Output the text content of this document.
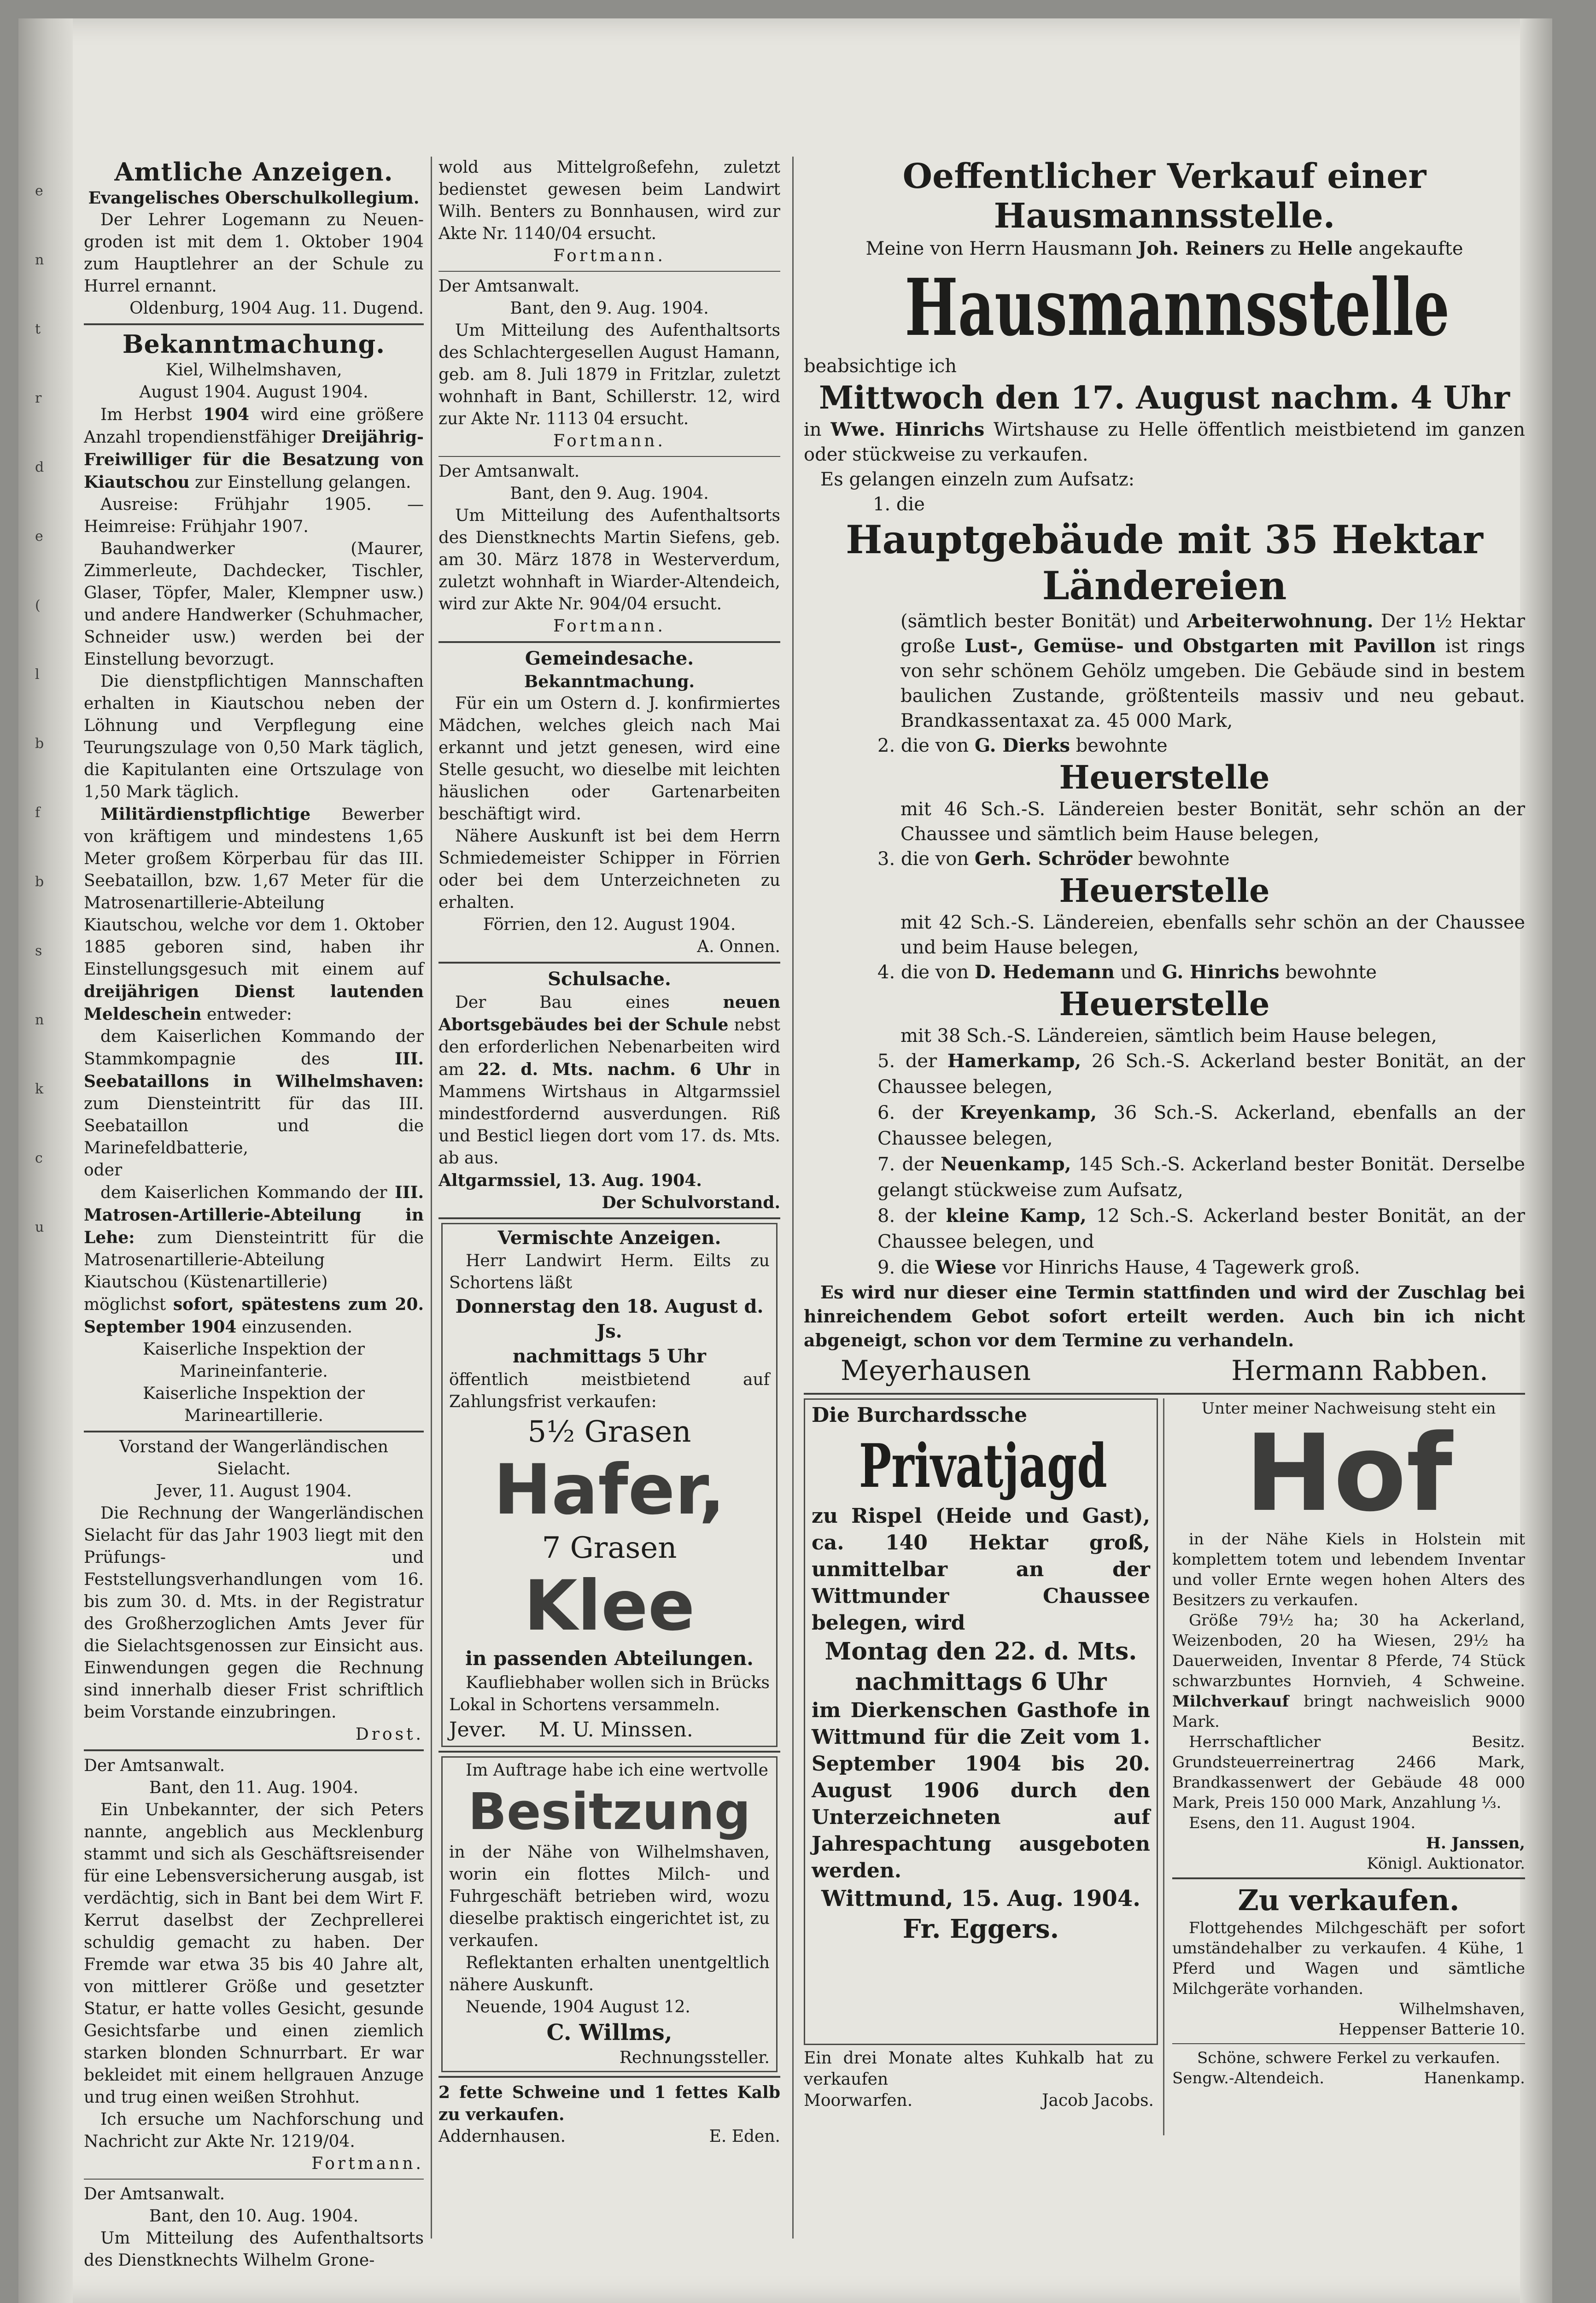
e
n
t
r
d
e
(
l
b
f
b
s
n
k
c
u

Amtliche Anzeigen.

Evangelisches Oberschulkollegium.

Der Lehrer Logemann zu Neuen-groden ist mit dem 1. Oktober 1904 zum Hauptlehrer an der Schule zu Hurrel ernannt.

Oldenburg, 1904 Aug. 11. Dugend.

Bekanntmachung.

Kiel, Wilhelmshaven,

August 1904. August 1904.

Im Herbst 1904 wird eine größere Anzahl tropendienstfähiger Dreijährig-Freiwilliger für die Besatzung von Kiautschou zur Einstellung gelangen.

Ausreise: Frühjahr 1905. — Heimreise: Frühjahr 1907.

Bauhandwerker (Maurer, Zimmerleute, Dachdecker, Tischler, Glaser, Töpfer, Maler, Klempner usw.) und andere Handwerker (Schuhmacher, Schneider usw.) werden bei der Einstellung bevorzugt.

Die dienstpflichtigen Mannschaften erhalten in Kiautschou neben der Löhnung und Verpflegung eine Teurungszulage von 0,50 Mark täglich, die Kapitulanten eine Ortszulage von 1,50 Mark täglich.

Militärdienstpflichtige Bewerber von kräftigem und mindestens 1,65 Meter großem Körperbau für das III. Seebataillon, bzw. 1,67 Meter für die Matrosenartillerie-Abteilung Kiautschou, welche vor dem 1. Oktober 1885 geboren sind, haben ihr Einstellungsgesuch mit einem auf dreijährigen Dienst lautenden Meldeschein entweder:

dem Kaiserlichen Kommando der Stammkompagnie des	III. Seebataillons in Wilhelmshaven: zum Diensteintritt für das III. Seebataillon und die Marinefeldbatterie,

oder

dem Kaiserlichen Kommando der III. Matrosen-Artillerie-Abteilung in Lehe: zum Diensteintritt für die Matrosenartillerie-Abteilung Kiautschou (Küstenartillerie)

möglichst sofort, spätestens zum 20. September 1904 einzusenden.

Kaiserliche Inspektion der

Marineinfanterie.

Kaiserliche Inspektion der

Marineartillerie.

Vorstand der Wangerländischen

Sielacht.

Jever, 11. August 1904.

Die Rechnung der Wangerländischen Sielacht für das Jahr 1903 liegt mit den Prüfungs- und Feststellungsverhandlungen vom 16. bis zum 30. d. Mts. in der Registratur des Großherzoglichen Amts Jever für die Sielachtsgenossen zur Einsicht aus. Einwendungen gegen die Rechnung sind innerhalb dieser Frist schriftlich beim Vorstande einzubringen.

Drost.

Der Amtsanwalt.

Bant, den 11. Aug. 1904.

Ein Unbekannter, der sich Peters nannte, angeblich aus Mecklenburg stammt und sich als Geschäftsreisender für eine Lebensversicherung ausgab, ist verdächtig, sich in Bant bei dem Wirt F. Kerrut daselbst der Zechprellerei schuldig gemacht zu haben. Der Fremde war etwa 35 bis 40 Jahre alt, von mittlerer Größe und gesetzter Statur, er hatte volles Gesicht, gesunde Gesichtsfarbe und einen ziemlich starken blonden Schnurrbart. Er war bekleidet mit einem hellgrauen Anzuge und trug einen weißen Strohhut.

Ich ersuche um Nachforschung und Nachricht zur Akte Nr. 1219/04.

Fortmann.

Der Amtsanwalt.

Bant, den 10. Aug. 1904.

Um Mitteilung des Aufenthaltsorts des Dienstknechts Wilhelm Grone-

wold aus Mittelgroßefehn, zuletzt bedienstet gewesen beim Landwirt Wilh. Benters zu Bonnhausen, wird zur Akte Nr. 1140/04 ersucht.

Fortmann.

Der Amtsanwalt.

Bant, den 9. Aug. 1904.

Um Mitteilung des Aufenthaltsorts des Schlachtergesellen August Hamann, geb. am 8. Juli 1879 in Fritzlar, zuletzt wohnhaft in Bant, Schillerstr. 12, wird zur Akte Nr. 1113 04 ersucht.

Fortmann.

Der Amtsanwalt.

Bant, den 9. Aug. 1904.

Um Mitteilung des Aufenthaltsorts des Dienstknechts Martin Siefens, geb. am 30. März 1878 in Westerverdum, zuletzt wohnhaft in Wiarder-Altendeich, wird zur Akte Nr. 904/04 ersucht.

Fortmann.

Gemeindesache.

Bekanntmachung.

Für ein um Ostern d. J. konfirmiertes Mädchen, welches gleich nach Mai erkannt und jetzt genesen, wird eine Stelle gesucht, wo dieselbe mit leichten häuslichen oder Gartenarbeiten beschäftigt wird.

Nähere Auskunft ist bei dem Herrn Schmiedemeister Schipper in Förrien oder bei dem Unterzeichneten zu erhalten.

Förrien, den 12. August 1904.

A. Onnen.

Schulsache.

Der Bau eines	neuen Abortsgebäudes bei der Schule nebst den erforderlichen Nebenarbeiten wird am 22. d. Mts. nachm. 6 Uhr in Mammens Wirtshaus in Altgarmssiel mindestfordernd ausverdungen. Riß und Besticl liegen dort vom 17. ds. Mts. ab aus.

Altgarmssiel, 13. Aug. 1904.

Der Schulvorstand.

Vermischte Anzeigen.

Herr Landwirt Herm. Eilts zu Schortens läßt

Donnerstag den 18. August d. Js.

nachmittags 5 Uhr

öffentlich meistbietend auf Zahlungsfrist verkaufen:

5½ Grasen

Hafer,

7 Grasen

Klee

in passenden Abteilungen.

Kaufliebhaber wollen sich in Brücks Lokal in Schortens versammeln.

Jever. M. U. Minssen.

Im Auftrage habe ich eine wertvolle

Besitzung

in der Nähe von Wilhelmshaven, worin ein flottes Milch- und Fuhrgeschäft betrieben wird, wozu dieselbe praktisch eingerichtet ist, zu verkaufen.

Reflektanten erhalten unentgeltlich nähere Auskunft.

Neuende, 1904 August 12.

C. Willms,

Rechnungssteller.

2 fette Schweine und 1 fettes Kalb zu verkaufen.

Addernhausen.	E. Eden.

Oeffentlicher Verkauf einer

Hausmannsstelle.

Meine von Herrn Hausmann Joh. Reiners zu Helle angekaufte

Hausmannsstelle

beabsichtige ich

Mittwoch den 17. August nachm. 4 Uhr

in Wwe. Hinrichs Wirtshause zu Helle öffentlich meistbietend im ganzen oder stückweise zu verkaufen.

Es gelangen einzeln zum Aufsatz:

1. die

Hauptgebäude mit 35 Hektar Ländereien

(sämtlich bester Bonität) und Arbeiterwohnung. Der 1½ Hektar große Lust-, Gemüse- und Obstgarten mit Pavillon ist rings von sehr schönem Gehölz umgeben. Die Gebäude sind in bestem baulichen Zustande, größtenteils massiv und neu gebaut. Brandkassentaxat za. 45 000 Mark,

2. die von G. Dierks bewohnte

Heuerstelle

mit 46 Sch.-S. Ländereien bester Bonität, sehr schön an der Chaussee und sämtlich beim Hause belegen,

3. die von Gerh. Schröder bewohnte

Heuerstelle

mit 42 Sch.-S. Ländereien, ebenfalls sehr schön an der Chaussee und beim Hause belegen,

4. die von D. Hedemann und G. Hinrichs bewohnte

Heuerstelle

mit 38 Sch.-S. Ländereien, sämtlich beim Hause belegen,

5. der Hamerkamp, 26 Sch.-S. Ackerland bester Bonität, an der Chaussee belegen,

6. der Kreyenkamp, 36 Sch.-S. Ackerland, ebenfalls an der Chaussee belegen,

7. der Neuenkamp, 145 Sch.-S. Ackerland bester Bonität. Derselbe gelangt stückweise zum Aufsatz,

8. der kleine Kamp, 12 Sch.-S. Ackerland bester Bonität, an der Chaussee belegen, und

9. die Wiese vor Hinrichs Hause, 4 Tagewerk groß.

Es wird nur dieser eine Termin stattfinden und wird der Zuschlag bei hinreichendem Gebot sofort erteilt werden. Auch bin ich nicht abgeneigt, schon vor dem Termine zu verhandeln.

Meyerhausen	Hermann Rabben.

Die Burchardssche

Privatjagd

zu Rispel (Heide und Gast), ca. 140 Hektar groß, unmittelbar an der Wittmunder Chaussee belegen, wird

Montag den 22. d. Mts.

nachmittags 6 Uhr

im Dierkenschen Gasthofe in Wittmund für die Zeit vom 1. September 1904 bis 20. August 1906 durch den Unterzeichneten auf Jahrespachtung ausgeboten werden.

Wittmund, 15. Aug. 1904.

Fr. Eggers.

Ein drei Monate altes Kuhkalb hat zu verkaufen

Moorwarfen.	Jacob Jacobs.

Unter meiner Nachweisung steht ein

Hof

in der Nähe Kiels in Holstein mit komplettem totem und lebendem Inventar und voller Ernte wegen hohen Alters des Besitzers zu verkaufen.

Größe 79½ ha; 30 ha Ackerland, Weizenboden, 20 ha Wiesen, 29½ ha Dauerweiden, Inventar 8 Pferde, 74 Stück schwarzbuntes Hornvieh, 4 Schweine. Milchverkauf bringt nachweislich 9000 Mark.

Herrschaftlicher Besitz. Grundsteuerreinertrag 2466 Mark, Brandkassenwert der Gebäude 48 000 Mark, Preis 150 000 Mark, Anzahlung ⅓.

Esens, den 11. August 1904.

H. Janssen,

Königl. Auktionator.

Zu verkaufen.

Flottgehendes Milchgeschäft per sofort umständehalber zu verkaufen. 4 Kühe, 1 Pferd und Wagen und sämtliche Milchgeräte vorhanden.

Wilhelmshaven,

Heppenser Batterie 10.

Schöne, schwere Ferkel zu verkaufen.

Sengw.-Altendeich.	Hanenkamp.
